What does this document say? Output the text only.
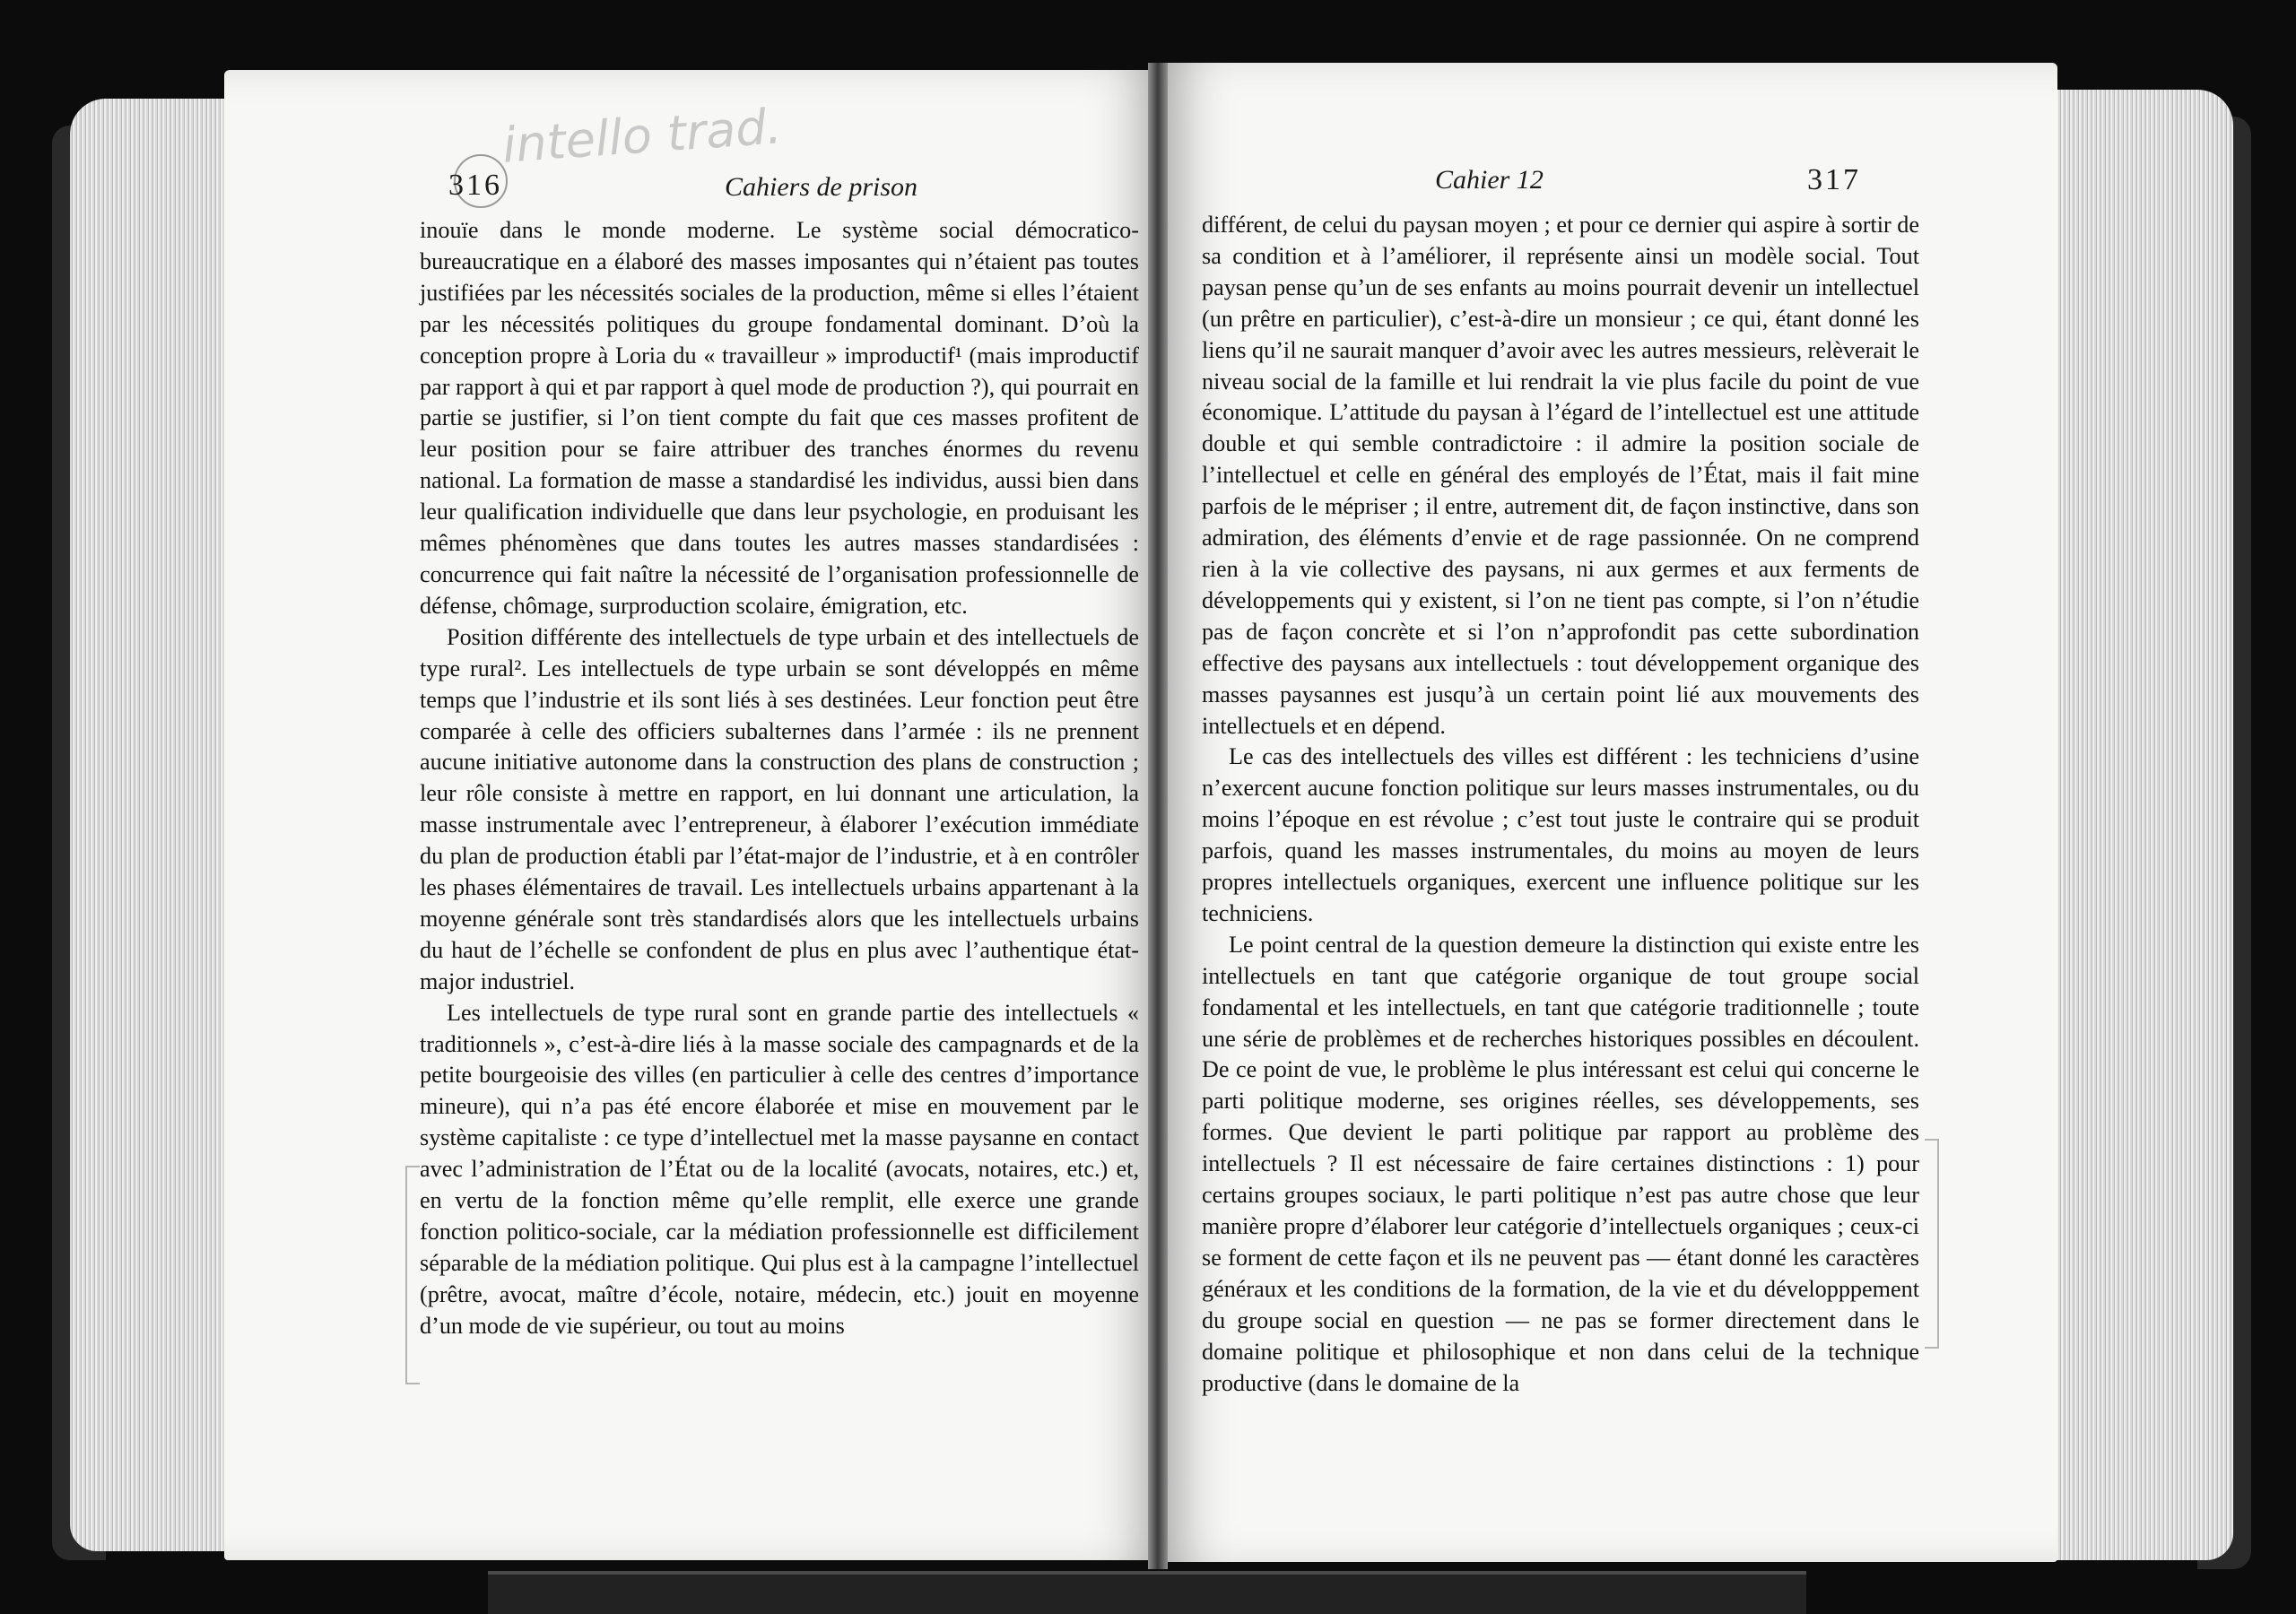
intello trad.
316	Cahiers de prison	Cahier 12	317

inouïe dans le monde moderne. Le système social démocratico-bureaucratique en a élaboré des masses imposantes qui n’étaient pas toutes justifiées par les nécessités sociales de la production, même si elles l’étaient par les nécessités politiques du groupe fondamental dominant. D’où la conception propre à Loria du « travailleur » improductif¹ (mais improductif par rapport à qui et par rapport à quel mode de production ?), qui pourrait en partie se justifier, si l’on tient compte du fait que ces masses profitent de leur position pour se faire attribuer des tranches énormes du revenu national. La formation de masse a standardisé les individus, aussi bien dans leur qualification individuelle que dans leur psychologie, en produisant les mêmes phénomènes que dans toutes les autres masses standardisées : concurrence qui fait naître la nécessité de l’organisation professionnelle de défense, chômage, surproduction scolaire, émigration, etc.

Position différente des intellectuels de type urbain et des intellectuels de type rural². Les intellectuels de type urbain se sont développés en même temps que l’industrie et ils sont liés à ses destinées. Leur fonction peut être comparée à celle des officiers subalternes dans l’armée : ils ne prennent aucune initiative autonome dans la construction des plans de construction ; leur rôle consiste à mettre en rapport, en lui donnant une articulation, la masse instrumentale avec l’entrepreneur, à élaborer l’exécution immédiate du plan de production établi par l’état-major de l’industrie, et à en contrôler les phases élémentaires de travail. Les intellectuels urbains appartenant à la moyenne générale sont très standardisés alors que les intellectuels urbains du haut de l’échelle se confondent de plus en plus avec l’authentique état-major industriel.

Les intellectuels de type rural sont en grande partie des intellectuels « traditionnels », c’est-à-dire liés à la masse sociale des campagnards et de la petite bourgeoisie des villes (en particulier à celle des centres d’importance mineure), qui n’a pas été encore élaborée et mise en mouvement par le système capitaliste : ce type d’intellectuel met la masse paysanne en contact avec l’administration de l’État ou de la localité (avocats, notaires, etc.) et, en vertu de la fonction même qu’elle remplit, elle exerce une grande fonction politico-sociale, car la médiation professionnelle est difficilement séparable de la médiation politique. Qui plus est à la campagne l’intellectuel (prêtre, avocat, maître d’école, notaire, médecin, etc.) jouit en moyenne d’un mode de vie supérieur, ou tout au moins

différent, de celui du paysan moyen ; et pour ce dernier qui aspire à sortir de sa condition et à l’améliorer, il représente ainsi un modèle social. Tout paysan pense qu’un de ses enfants au moins pourrait devenir un intellectuel (un prêtre en particulier), c’est-à-dire un monsieur ; ce qui, étant donné les liens qu’il ne saurait manquer d’avoir avec les autres messieurs, relèverait le niveau social de la famille et lui rendrait la vie plus facile du point de vue économique. L’attitude du paysan à l’égard de l’intellectuel est une attitude double et qui semble contradictoire : il admire la position sociale de l’intellectuel et celle en général des employés de l’État, mais il fait mine parfois de le mépriser ; il entre, autrement dit, de façon instinctive, dans son admiration, des éléments d’envie et de rage passionnée. On ne comprend rien à la vie collective des paysans, ni aux germes et aux ferments de développements qui y existent, si l’on ne tient pas compte, si l’on n’étudie pas de façon concrète et si l’on n’approfondit pas cette subordination effective des paysans aux intellectuels : tout développement organique des masses paysannes est jusqu’à un certain point lié aux mouvements des intellectuels et en dépend.

Le cas des intellectuels des villes est différent : les techniciens d’usine n’exercent aucune fonction politique sur leurs masses instrumentales, ou du moins l’époque en est révolue ; c’est tout juste le contraire qui se produit parfois, quand les masses instrumentales, du moins au moyen de leurs propres intellectuels organiques, exercent une influence politique sur les techniciens.

Le point central de la question demeure la distinction qui existe entre les intellectuels en tant que catégorie organique de tout groupe social fondamental et les intellectuels, en tant que catégorie traditionnelle ; toute une série de problèmes et de recherches historiques possibles en découlent. De ce point de vue, le problème le plus intéressant est celui qui concerne le parti politique moderne, ses origines réelles, ses développements, ses formes. Que devient le parti politique par rapport au problème des intellectuels ? Il est nécessaire de faire certaines distinctions : 1) pour certains groupes sociaux, le parti politique n’est pas autre chose que leur manière propre d’élaborer leur catégorie d’intellectuels organiques ; ceux-ci se forment de cette façon et ils ne peuvent pas — étant donné les caractères généraux et les conditions de la formation, de la vie et du développpement du groupe social en question — ne pas se former directement dans le domaine politique et philosophique et non dans celui de la technique productive (dans le domaine de la
